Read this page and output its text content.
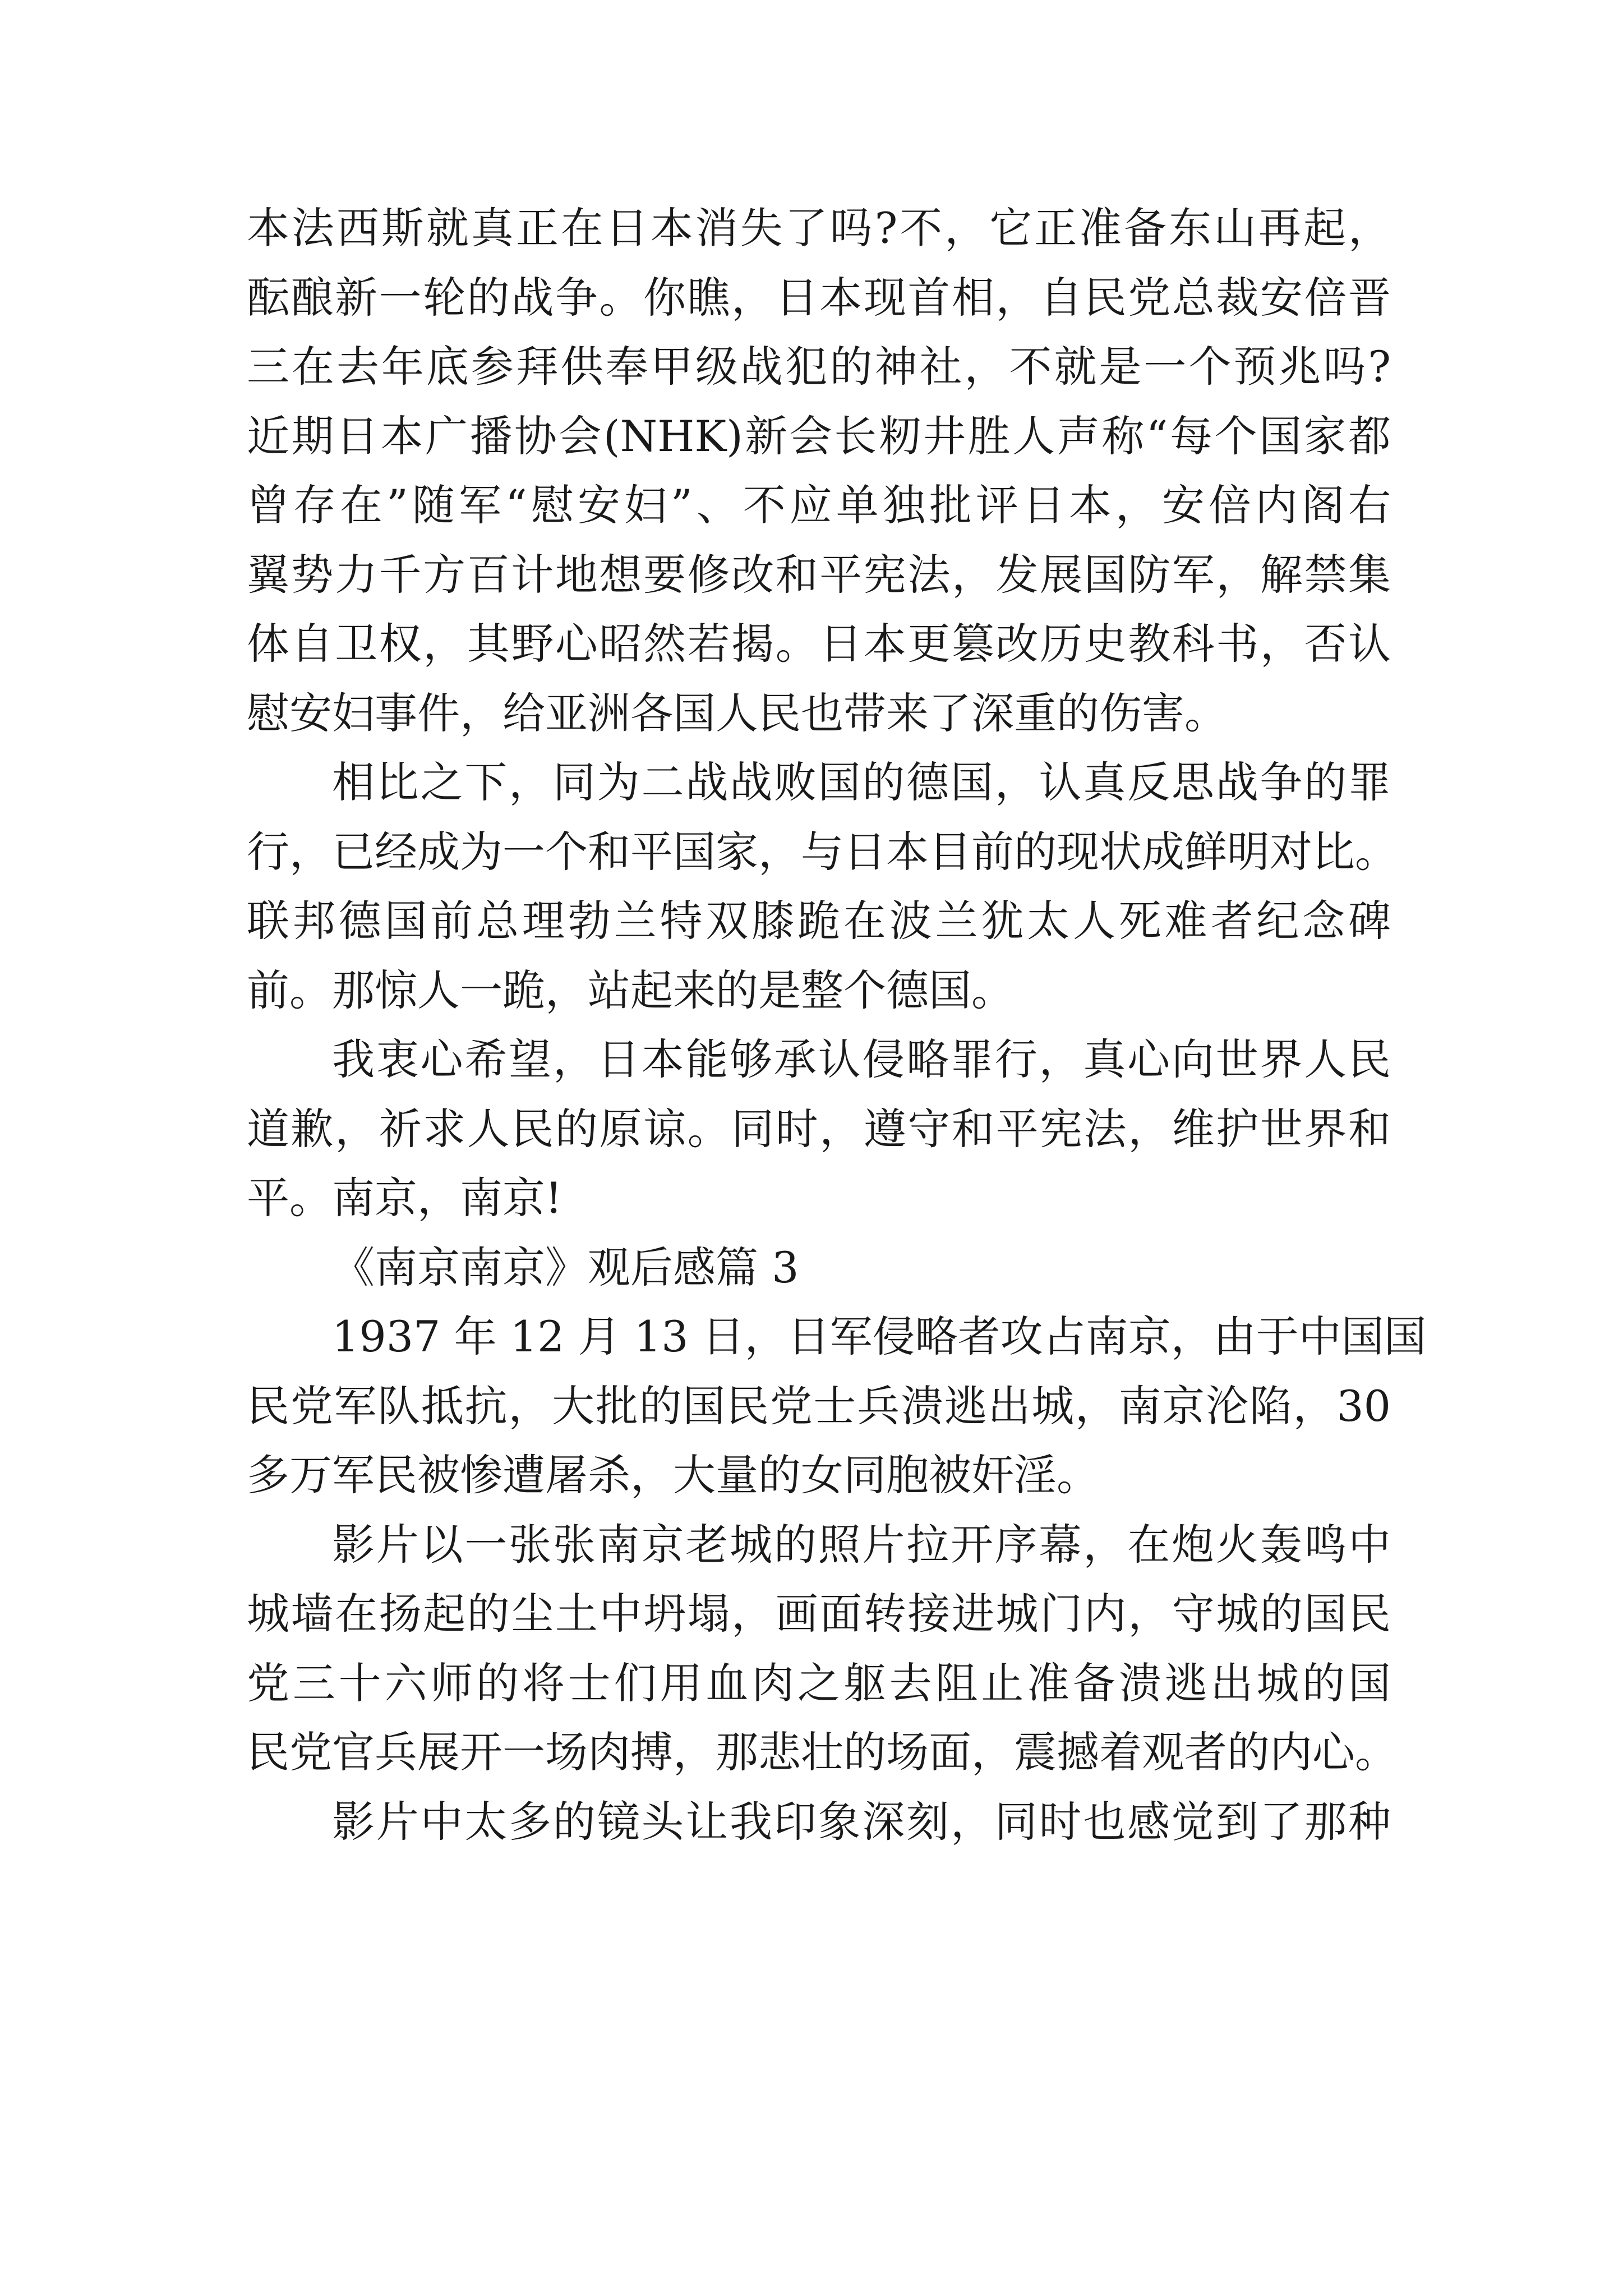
本法西斯就真正在日本消失了吗?不，它正准备东山再起，
酝酿新一轮的战争。你瞧，日本现首相，自民党总裁安倍晋
三在去年底参拜供奉甲级战犯的神社，不就是一个预兆吗?
近期日本广播协会(NHK)新会长籾井胜人声称“每个国家都
曾存在”随军“慰安妇”、不应单独批评日本，安倍内阁右
翼势力千方百计地想要修改和平宪法，发展国防军，解禁集
体自卫权，其野心昭然若揭。日本更篡改历史教科书，否认
慰安妇事件，给亚洲各国人民也带来了深重的伤害。
相比之下，同为二战战败国的德国，认真反思战争的罪
行，已经成为一个和平国家，与日本目前的现状成鲜明对比。
联邦德国前总理勃兰特双膝跪在波兰犹太人死难者纪念碑
前。那惊人一跪，站起来的是整个德国。
我衷心希望，日本能够承认侵略罪行，真心向世界人民
道歉，祈求人民的原谅。同时，遵守和平宪法，维护世界和
平。南京，南京!
《南京南京》观后感篇 3
1937 年 12 月 13 日，日军侵略者攻占南京，由于中国国
民党军队抵抗，大批的国民党士兵溃逃出城，南京沦陷，30
多万军民被惨遭屠杀，大量的女同胞被奸淫。
影片以一张张南京老城的照片拉开序幕，在炮火轰鸣中
城墙在扬起的尘土中坍塌，画面转接进城门内，守城的国民
党三十六师的将士们用血肉之躯去阻止准备溃逃出城的国
民党官兵展开一场肉搏，那悲壮的场面，震撼着观者的内心。
影片中太多的镜头让我印象深刻，同时也感觉到了那种
